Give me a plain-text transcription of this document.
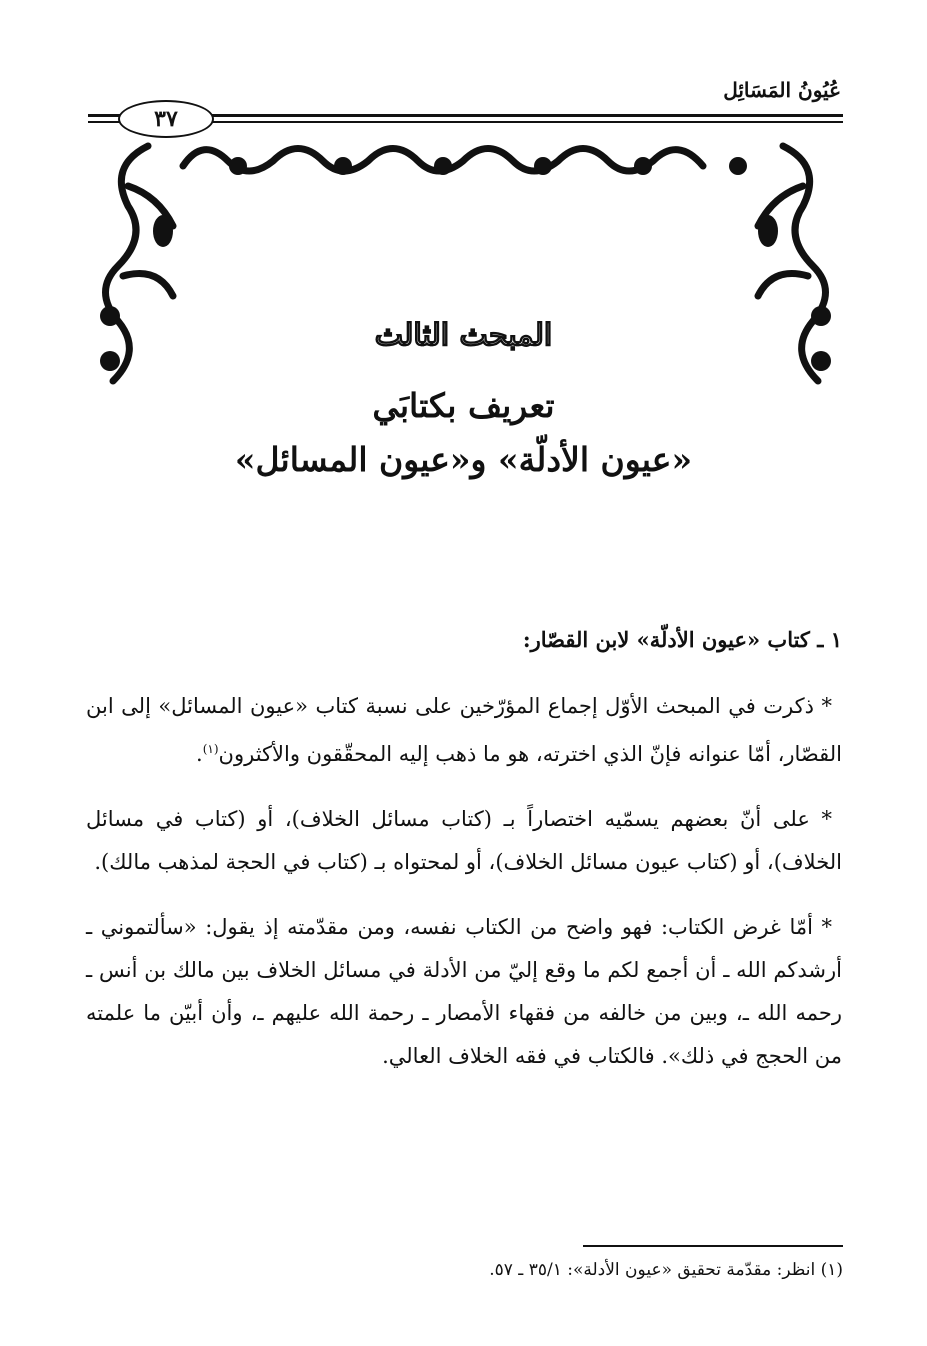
عُيُونُ المَسَائِل
٣٧
المبحث الثالث
تعريف بكتابَي
«عيون الأدلّة» و«عيون المسائل»

١ ـ كتاب «عيون الأدلّة» لابن القصّار:

* ذكرت في المبحث الأوّل إجماع المؤرّخين على نسبة كتاب «عيون المسائل» إلى ابن القصّار، أمّا عنوانه فإنّ الذي اخترته، هو ما ذهب إليه المحقّقون والأكثرون$^{(١)}$.

* على أنّ بعضهم يسمّيه اختصاراً بـ (كتاب مسائل الخلاف)، أو (كتاب في مسائل الخلاف)، أو (كتاب عيون مسائل الخلاف)، أو لمحتواه بـ (كتاب في الحجة لمذهب مالك).

* أمّا غرض الكتاب: فهو واضح من الكتاب نفسه، ومن مقدّمته إذ يقول: «سألتموني ـ أرشدكم الله ـ أن أجمع لكم ما وقع إليّ من الأدلة في مسائل الخلاف بين مالك بن أنس ـ رحمه الله ـ، وبين من خالفه من فقهاء الأمصار ـ رحمة الله عليهم ـ، وأن أبيّن ما علمته من الحجج في ذلك». فالكتاب في فقه الخلاف العالي.

(١) انظر: مقدّمة تحقيق «عيون الأدلة»: ٣٥/١ ـ ٥٧.
